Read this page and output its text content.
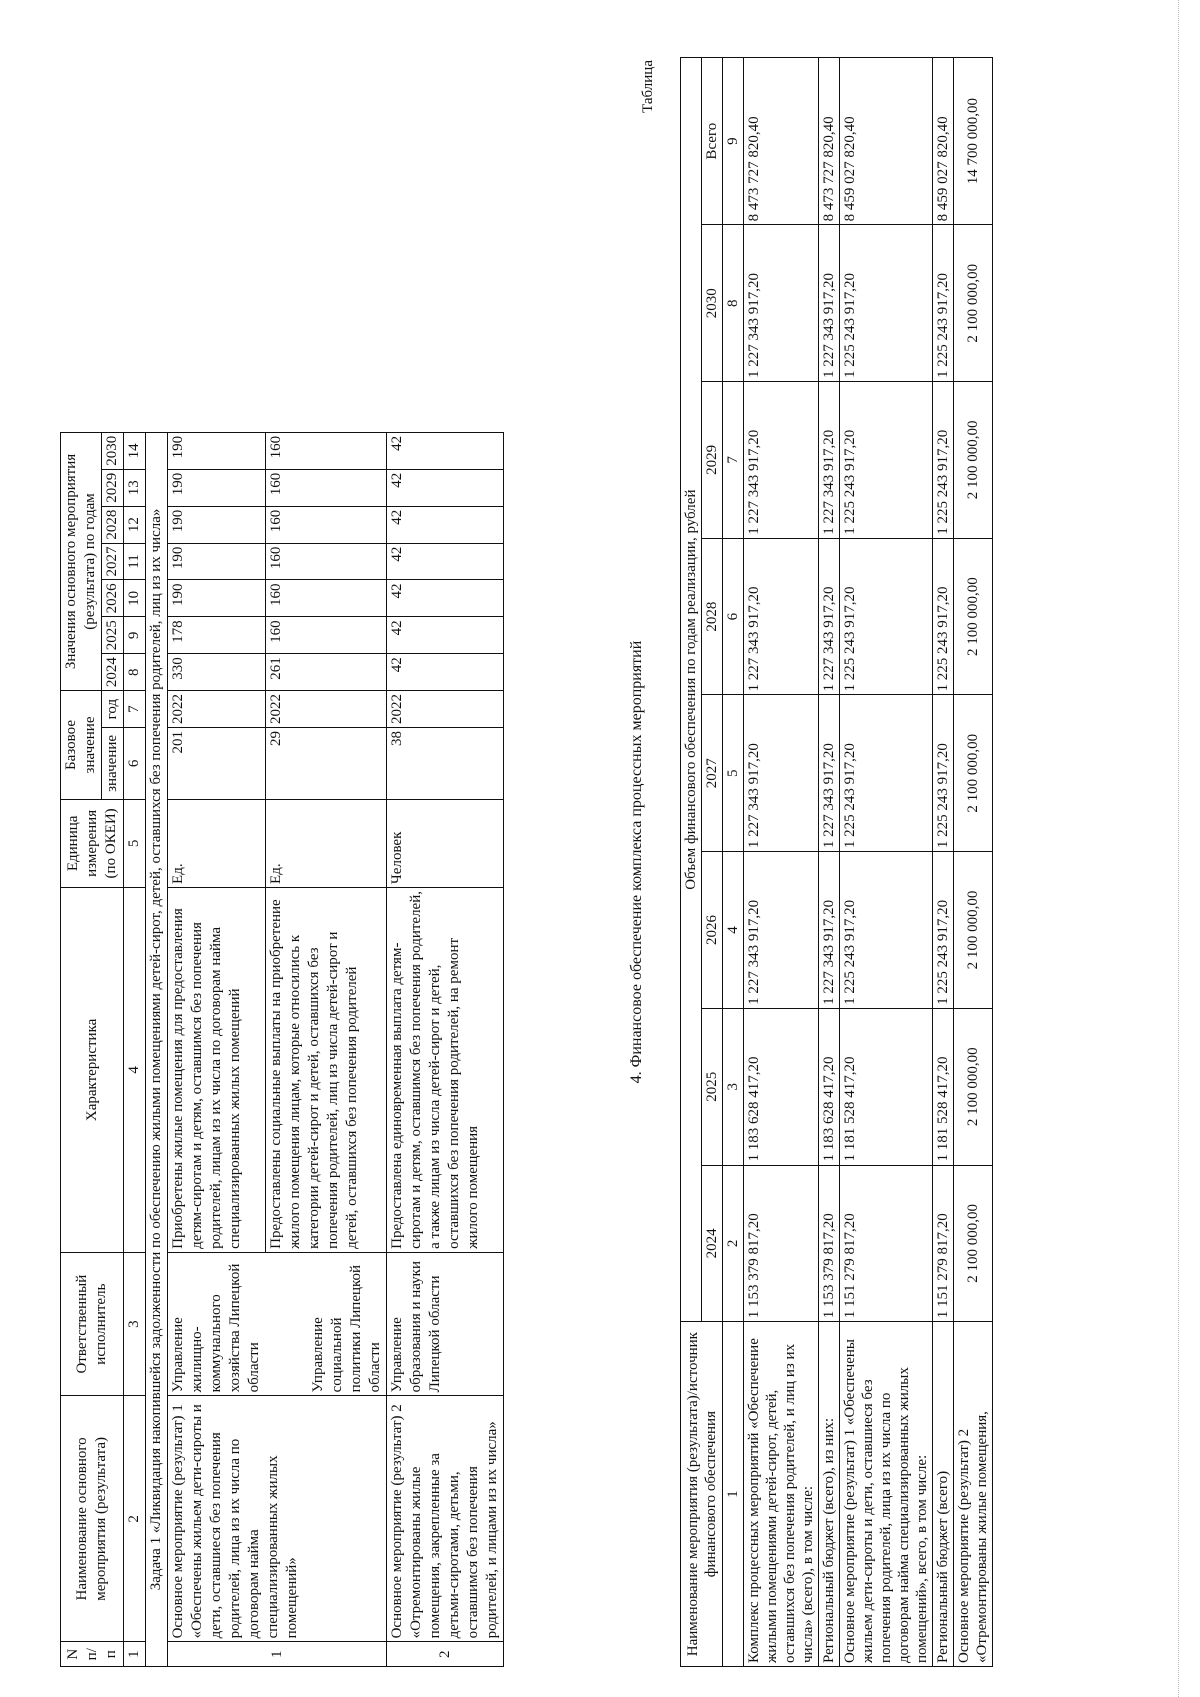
N п/п	Наименование основного мероприятия (результата)	Ответственный исполнитель	Характеристика	Единица измерения (по ОКЕИ)	Базовое значение		Значения основного мероприятия (результата) по годам							
					значение	год	2024	2025	2026	2027	2028	2029	2030	
1	2	3	4	5	6	7	8	9	10	11	12	13	14	
Задача 1 «Ликвидация накопившейся задолженности по обеспечению жилыми помещениями детей-сирот, детей, оставшихся без попечения родителей, лиц из их числа»														
1	Основное мероприятие (результат) 1 «Обеспечены жильем дети-сироты и дети, оставшиеся без попечения родителей, лица из их числа по договорам найма специализированных жилых помещений»	Управление жилищно-коммунального хозяйства Липецкой области Управление социальной политики Липецкой области	Приобретены жилые помещения для предоставления детям-сиротам и детям, оставшимся без попечения родителей, лицам из их числа по договорам найма специализированных жилых помещений	Ед.	201	2022	330	178	190	190	190	190	190	
			Предоставлены социальные выплаты на приобретение жилого помещения лицам, которые относились к категории детей-сирот и детей, оставшихся без попечения родителей, лиц из числа детей-сирот и детей, оставшихся без попечения родителей	Ед.	29	2022	261	160	160	160	160	160	160	
2	Основное мероприятие (результат) 2 «Отремонтированы жилые помещения, закрепленные за детьми-сиротами, детьми, оставшимся без попечения родителей, и лицами из их числа»	Управление образования и науки Липецкой области	Предоставлена единовременная выплата детям-сиротам и детям, оставшимся без попечения родителей, а также лицам из числа детей-сирот и детей, оставшихся без попечения родителей, на ремонт жилого помещения	Человек	38	2022	42	42	42	42	42	42	42	
4. Финансовое обеспечение комплекса процессных мероприятий
Таблица
Наименование мероприятия (результата)/источник финансового обеспечения	Объем финансового обеспечения по годам реализации, рублей							
	2024	2025	2026	2027	2028	2029	2030	Всего
1	2	3	4	5	6	7	8	9
Комплекс процессных мероприятий «Обеспечение жилыми помещениями детей-сирот, детей, оставшихся без попечения родителей, и лиц из их числа» (всего), в том числе:	1 153 379 817,20	1 183 628 417,20	1 227 343 917,20	1 227 343 917,20	1 227 343 917,20	1 227 343 917,20	1 227 343 917,20	8 473 727 820,40
Региональный бюджет (всего), из них:	1 153 379 817,20	1 183 628 417,20	1 227 343 917,20	1 227 343 917,20	1 227 343 917,20	1 227 343 917,20	1 227 343 917,20	8 473 727 820,40
Основное мероприятие (результат) 1 «Обеспечены жильем дети-сироты и дети, оставшиеся без попечения родителей, лица из их числа по договорам найма специализированных жилых помещений», всего, в том числе:	1 151 279 817,20	1 181 528 417,20	1 225 243 917,20	1 225 243 917,20	1 225 243 917,20	1 225 243 917,20	1 225 243 917,20	8 459 027 820,40
Региональный бюджет (всего)	1 151 279 817,20	1 181 528 417,20	1 225 243 917,20	1 225 243 917,20	1 225 243 917,20	1 225 243 917,20	1 225 243 917,20	8 459 027 820,40
Основное мероприятие (результат) 2 «Отремонтированы жилые помещения,	2 100 000,00	2 100 000,00	2 100 000,00	2 100 000,00	2 100 000,00	2 100 000,00	2 100 000,00	14 700 000,00
